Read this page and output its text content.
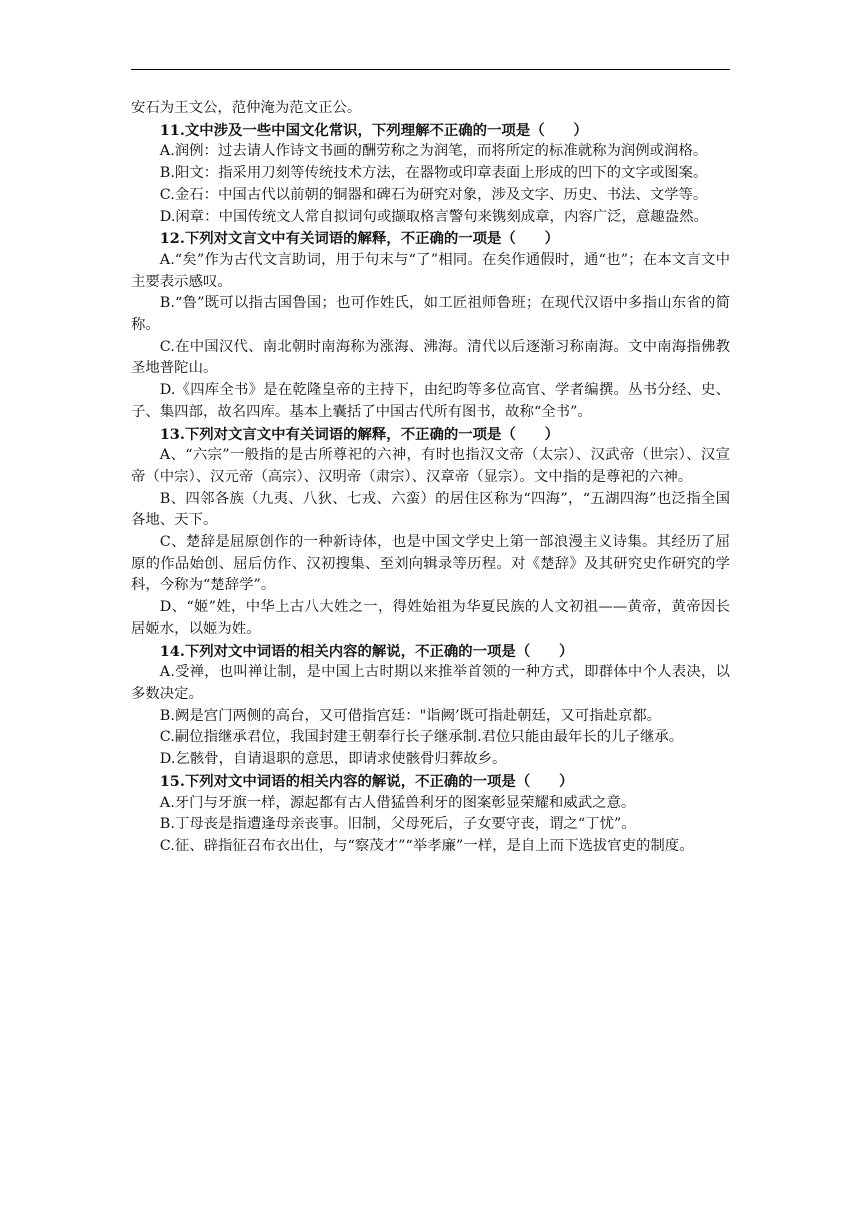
安石为王文公，范仲淹为范文正公。

11.文中涉及一些中国文化常识，下列理解不正确的一项是（　　）

A.润例：过去请人作诗文书画的酬劳称之为润笔，而将所定的标准就称为润例或润格。

B.阳文：指采用刀刻等传统技术方法，在器物或印章表面上形成的凹下的文字或图案。

C.金石：中国古代以前朝的铜器和碑石为研究对象，涉及文字、历史、书法、文学等。

D.闲章：中国传统文人常自拟词句或撷取格言警句来镌刻成章，内容广泛，意趣盎然。

12.下列对文言文中有关词语的解释，不正确的一项是（　　）

A.“矣”作为古代文言助词，用于句末与“了”相同。在矣作通假时，通“也”；在本文言文中主要表示感叹。

B.“鲁”既可以指古国鲁国；也可作姓氏，如工匠祖师鲁班；在现代汉语中多指山东省的简称。

C.在中国汉代、南北朝时南海称为涨海、沸海。清代以后逐渐习称南海。文中南海指佛教圣地普陀山。

D.《四库全书》是在乾隆皇帝的主持下，由纪昀等多位高官、学者编撰。丛书分经、史、子、集四部，故名四库。基本上囊括了中国古代所有图书，故称“全书”。

13.下列对文言文中有关词语的解释，不正确的一项是（　　）

A、“六宗”一般指的是古所尊祀的六神，有时也指汉文帝（太宗）、汉武帝（世宗）、汉宣帝（中宗）、汉元帝（高宗）、汉明帝（肃宗）、汉章帝（显宗）。文中指的是尊祀的六神。

B、四邻各族（九夷、八狄、七戎、六蛮）的居住区称为“四海”，“五湖四海”也泛指全国各地、天下。

C、楚辞是屈原创作的一种新诗体，也是中国文学史上第一部浪漫主义诗集。其经历了屈原的作品始创、屈后仿作、汉初搜集、至刘向辑录等历程。对《楚辞》及其研究史作研究的学科，今称为“楚辞学”。

D、“姬”姓，中华上古八大姓之一，得姓始祖为华夏民族的人文初祖——黄帝，黄帝因长居姬水，以姬为姓。

14.下列对文中词语的相关内容的解说，不正确的一项是（　　）

A.受禅，也叫禅让制，是中国上古时期以来推举首领的一种方式，即群体中个人表决，以多数决定。

B.阙是宫门两侧的高台，又可借指宫廷："诣阙’既可指赴朝廷，又可指赴京都。

C.嗣位指继承君位，我国封建王朝奉行长子继承制.君位只能由最年长的儿子继承。

D.乞骸骨，自请退职的意思，即请求使骸骨归葬故乡。

15.下列对文中词语的相关内容的解说，不正确的一项是（　　）

A.牙门与牙旗一样，源起都有古人借猛兽利牙的图案彰显荣耀和威武之意。

B.丁母丧是指遭逢母亲丧事。旧制，父母死后，子女要守丧，谓之“丁忧”。

C.征、辟指征召布衣出仕，与“察茂才”“举孝廉”一样，是自上而下选拔官吏的制度。
